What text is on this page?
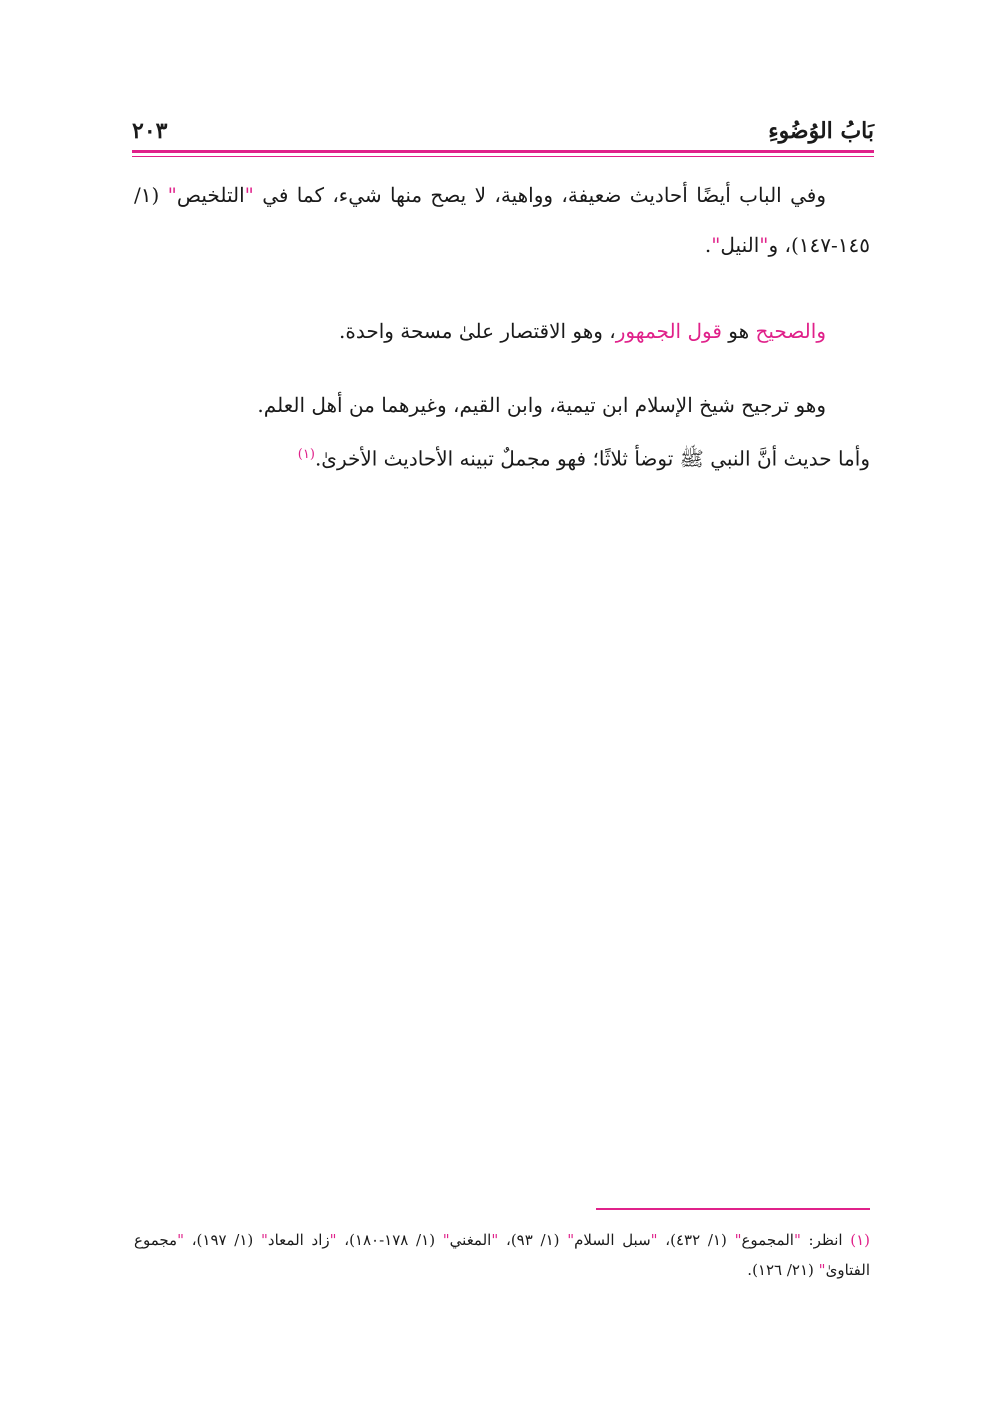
بَابُ الوُضُوءِ
٢٠٣
وفي الباب أيضًا أحاديث ضعيفة، وواهية، لا يصح منها شيء، كما في "التلخيص" (١/ ١٤٥-١٤٧)، و"النيل".
والصحيح هو قول الجمهور، وهو الاقتصار علىٰ مسحة واحدة.
وهو ترجيح شيخ الإسلام ابن تيمية، وابن القيم، وغيرهما من أهل العلم.
وأما حديث أنَّ النبي ﷺ توضأ ثلاثًا؛ فهو مجملٌ تبينه الأحاديث الأخرىٰ.$^{(١)}$
(١) انظر: "المجموع" (١/ ٤٣٢)، "سبل السلام" (١/ ٩٣)، "المغني" (١/ ١٧٨-١٨٠)، "زاد المعاد" (١/ ١٩٧)، "مجموع الفتاوىٰ" (٢١/ ١٢٦).
